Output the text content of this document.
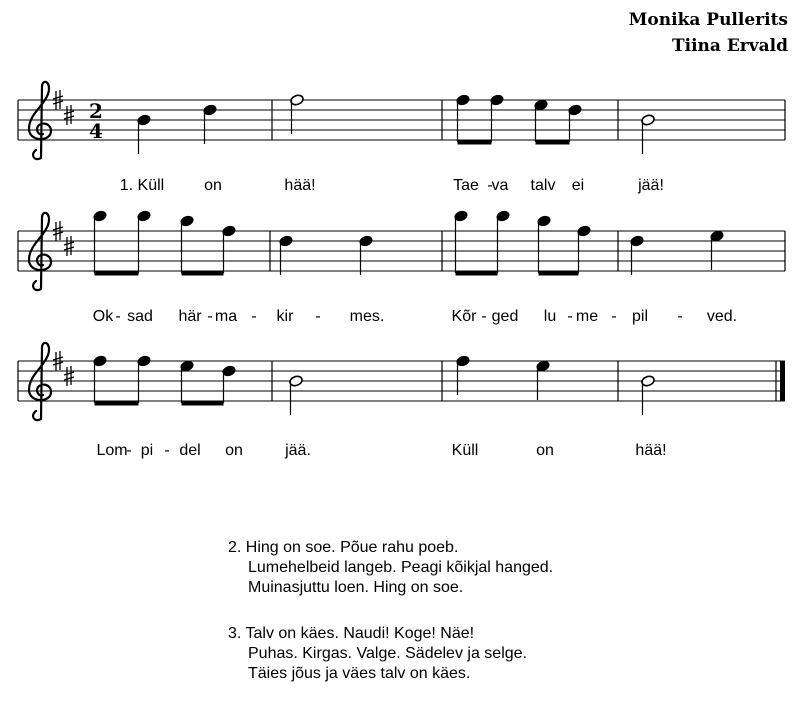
Monika Pullerits
Tiina Ervald
2
4
1. Küll on	hää!	Tae -
va talv ei	jää!
Ok - sad här - ma - kir - mes.	Kõr - ged lu - me - pil - ved.
Lom
- pi - del on	jää.	Küll	on	hää!
2. Hing on soe. Põue rahu poeb.
Lumehelbeid langeb. Peagi kõikjal hanged.
Muinasjuttu loen. Hing on soe.
3. Talv on käes. Naudi! Koge! Näe!
Puhas. Kirgas. Valge. Sädelev ja selge.
Täies jõus ja väes talv on käes.
